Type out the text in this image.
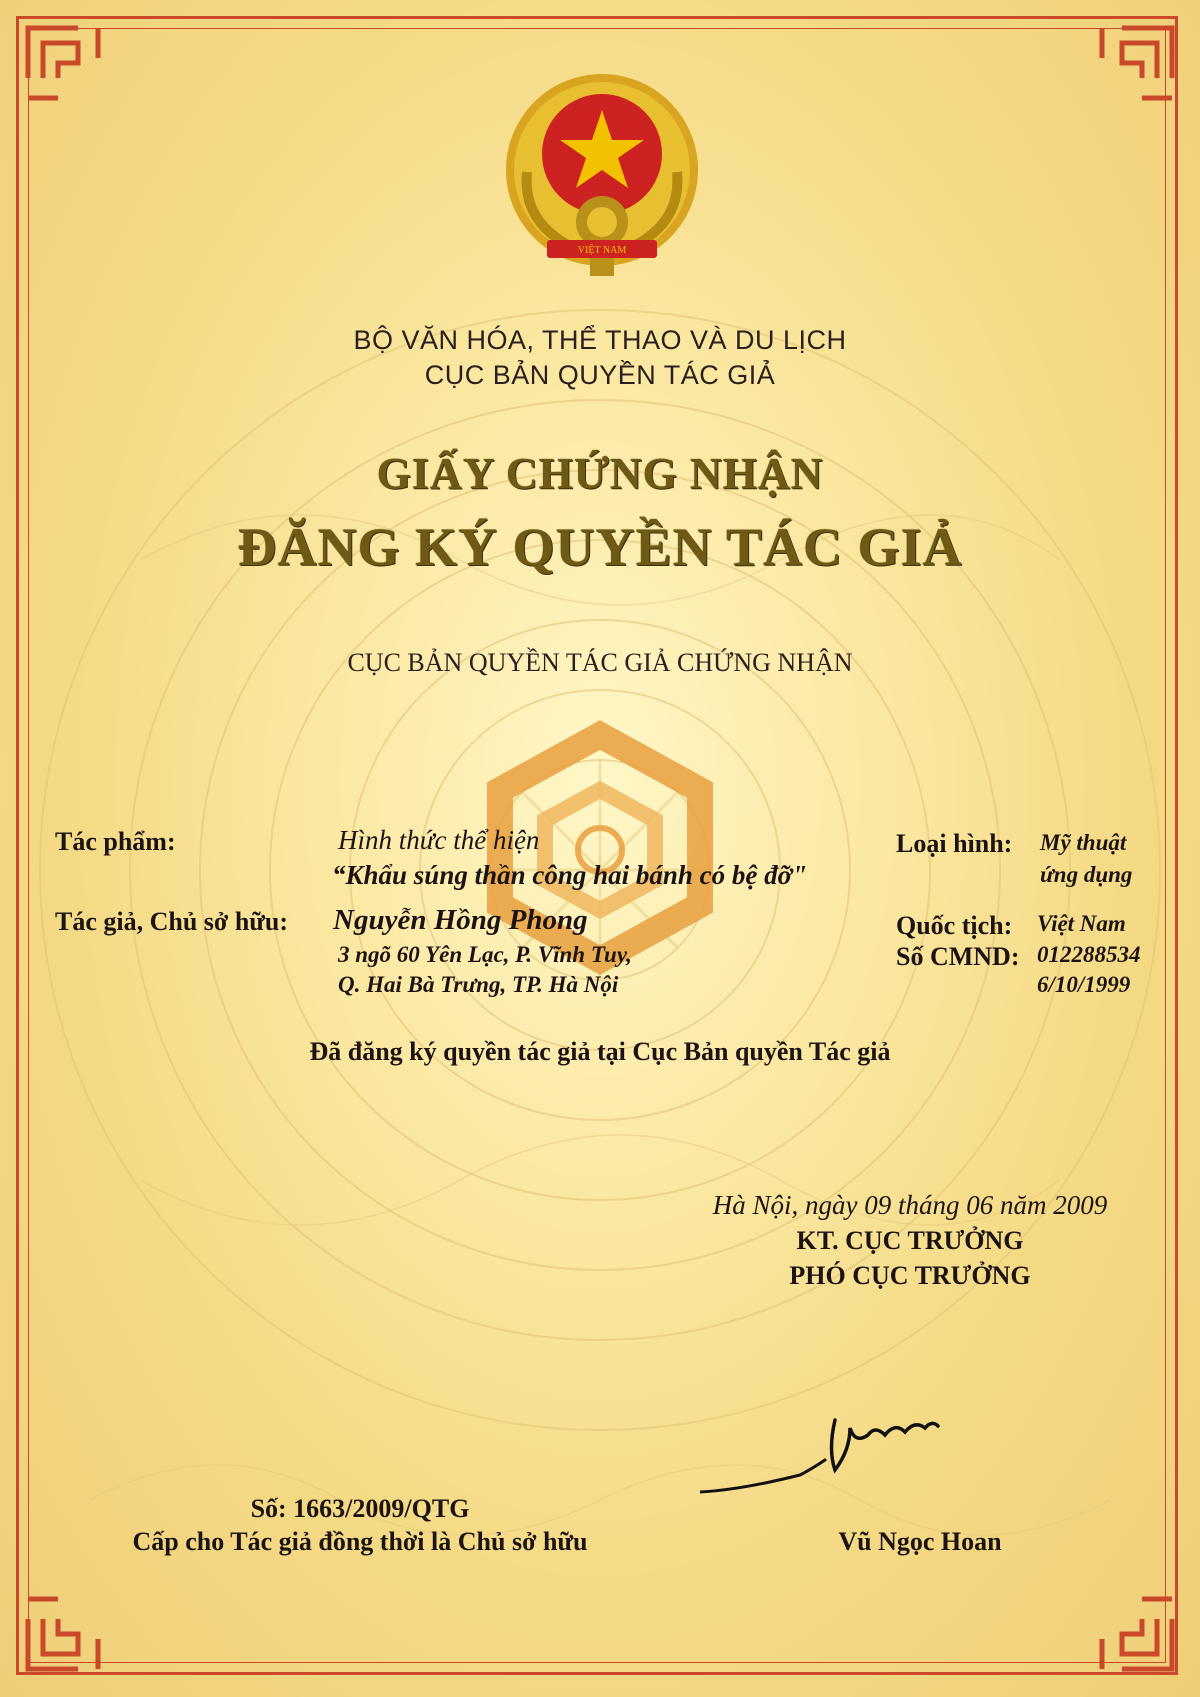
VIỆT NAM
BỘ VĂN HÓA, THỂ THAO VÀ DU LỊCH
CỤC BẢN QUYỀN TÁC GIẢ
GIẤY CHỨNG NHẬN
ĐĂNG KÝ QUYỀN TÁC GIẢ
CỤC BẢN QUYỀN TÁC GIẢ CHỨNG NHẬN
Tác phẩm:	Hình thức thể hiện
“Khẩu súng thần công hai bánh có bệ đỡ"
Loại hình: Mỹ thuật
ứng dụng
Tác giả, Chủ sở hữu: Nguyễn Hồng Phong
3 ngõ 60 Yên Lạc, P. Vĩnh Tuy,
Q. Hai Bà Trưng, TP. Hà Nội
Quốc tịch: Việt Nam
Số CMND: 012288534
6/10/1999
Đã đăng ký quyền tác giả tại Cục Bản quyền Tác giả
Hà Nội, ngày 09 tháng 06 năm 2009
KT. CỤC TRƯỞNG
PHÓ CỤC TRƯỞNG
Vũ Ngọc Hoan
Số: 1663/2009/QTG
Cấp cho Tác giả đồng thời là Chủ sở hữu
